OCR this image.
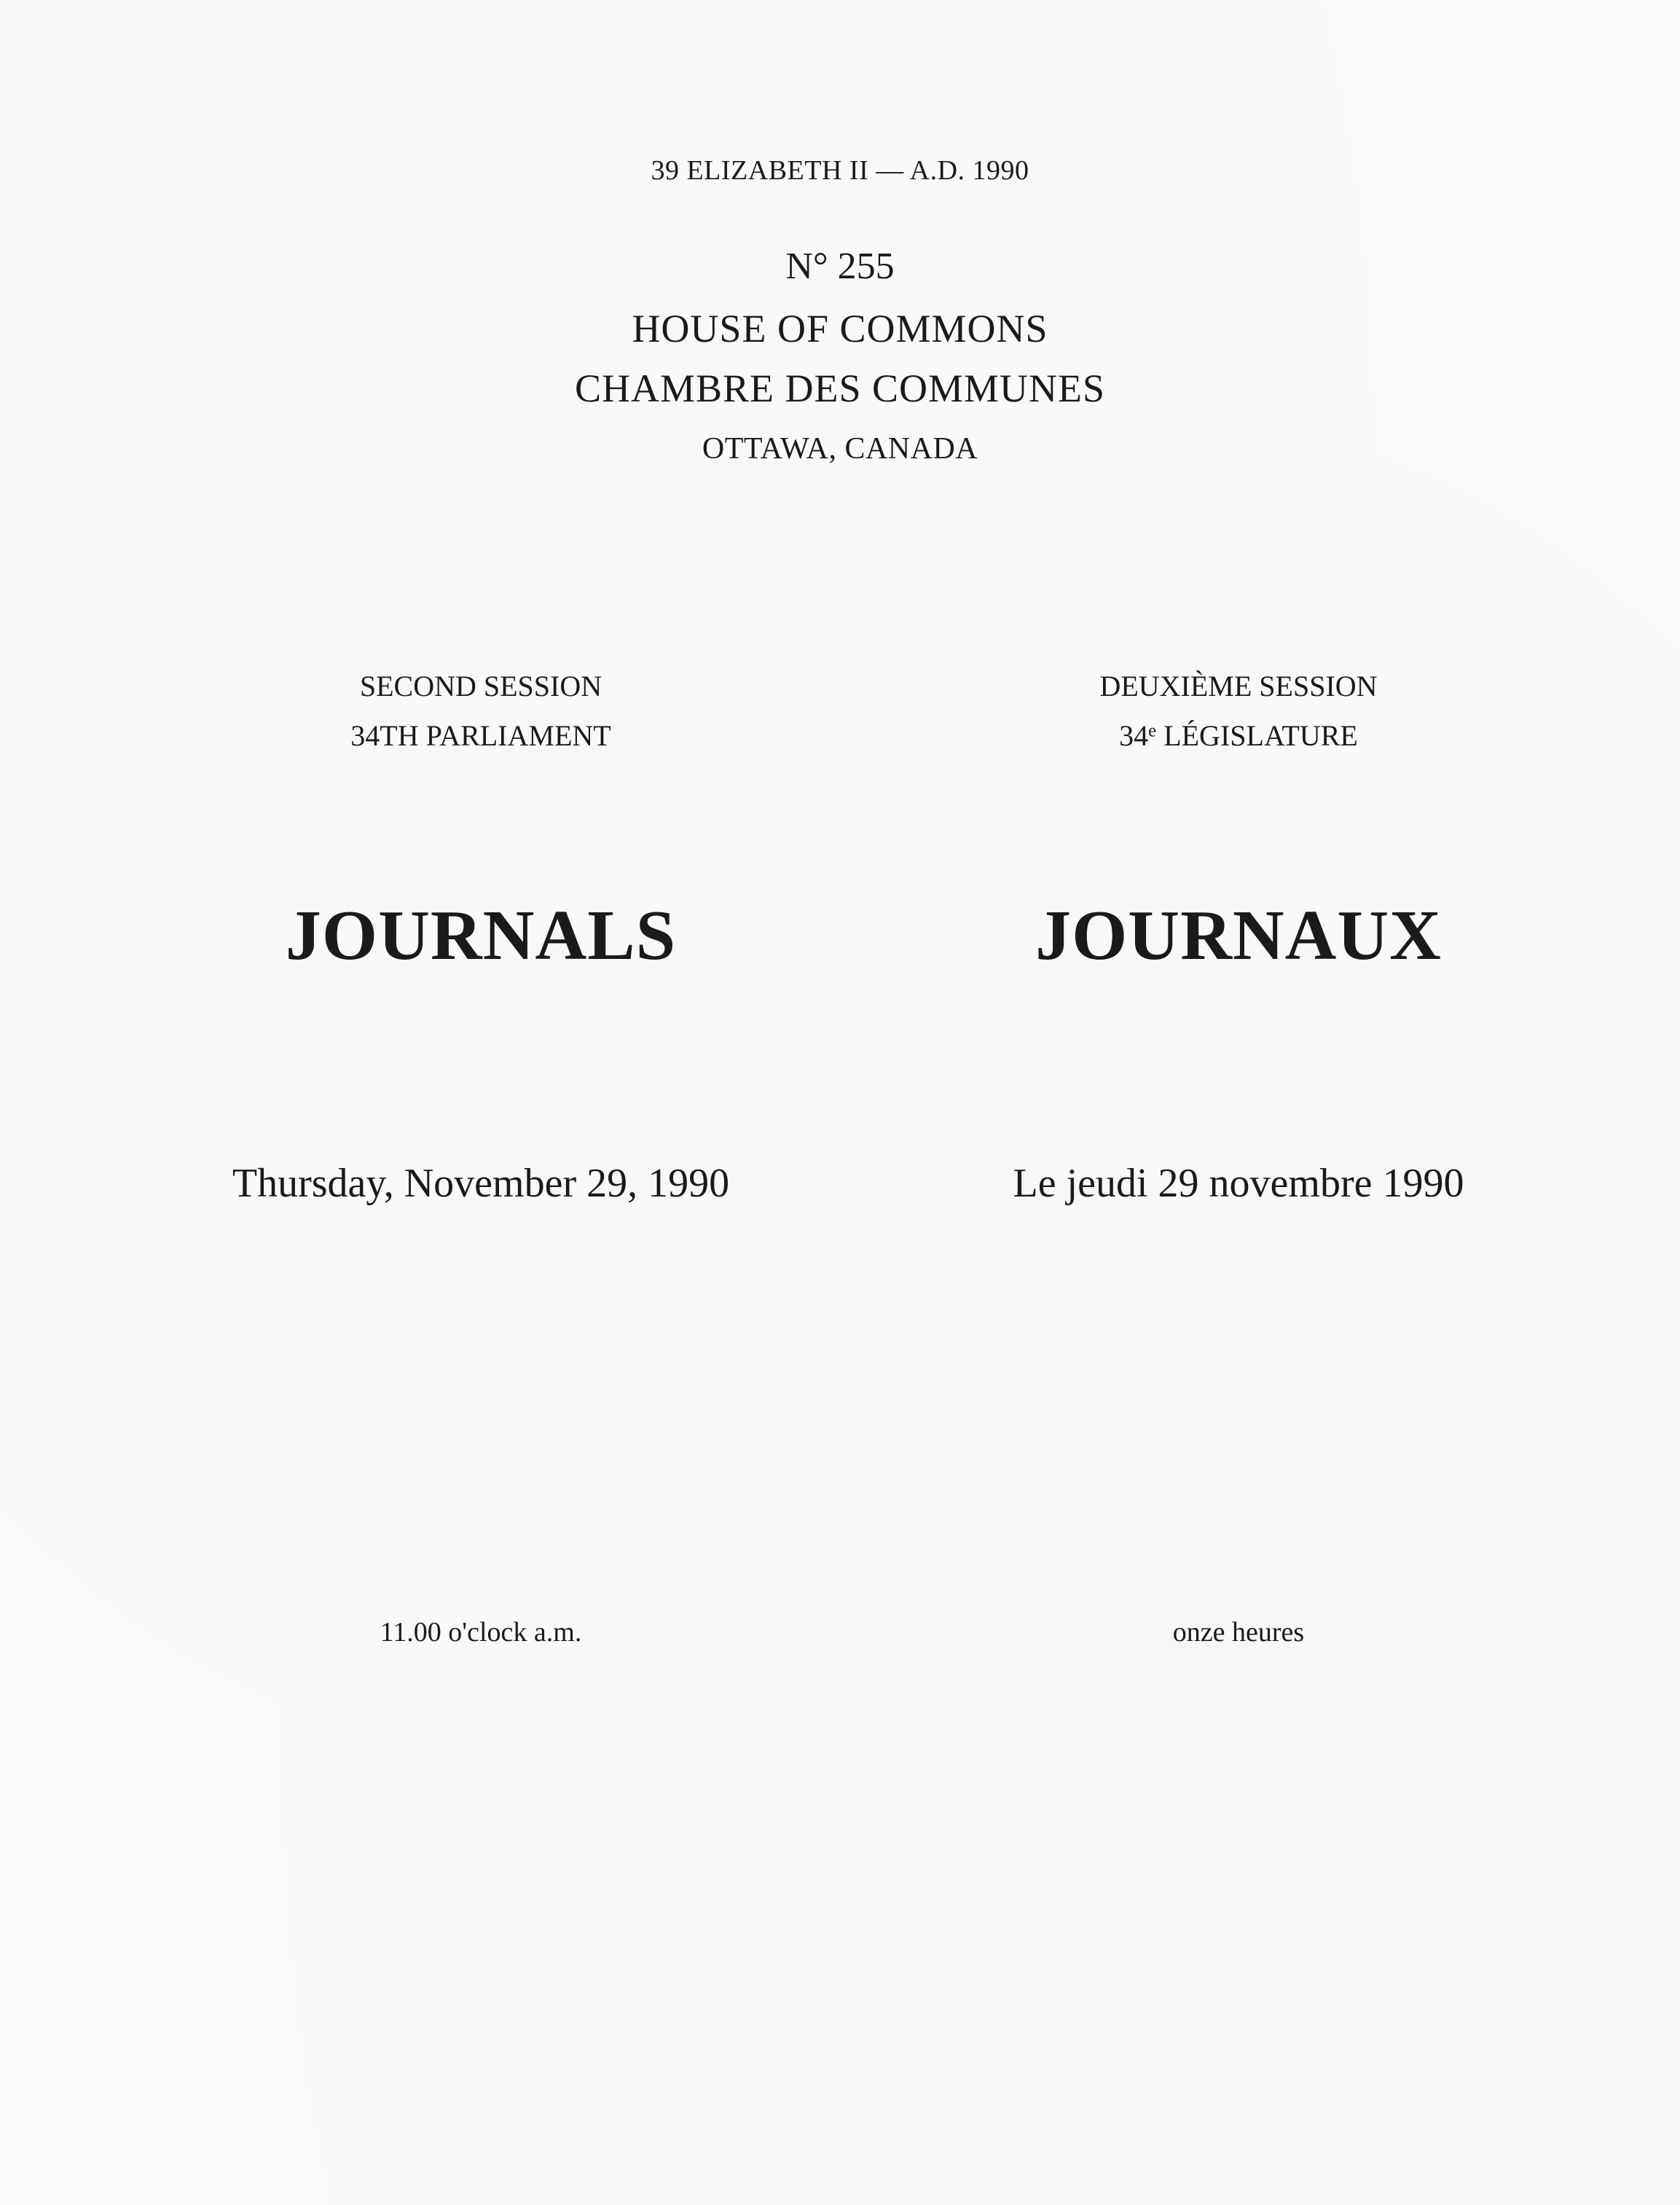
39 ELIZABETH II — A.D. 1990
N° 255
HOUSE OF COMMONS
CHAMBRE DES COMMUNES
OTTAWA, CANADA
SECOND SESSION
34TH PARLIAMENT
JOURNALS
Thursday, November 29, 1990
11.00 o'clock a.m.
DEUXIÈME SESSION
34e LÉGISLATURE
JOURNAUX
Le jeudi 29 novembre 1990
onze heures
